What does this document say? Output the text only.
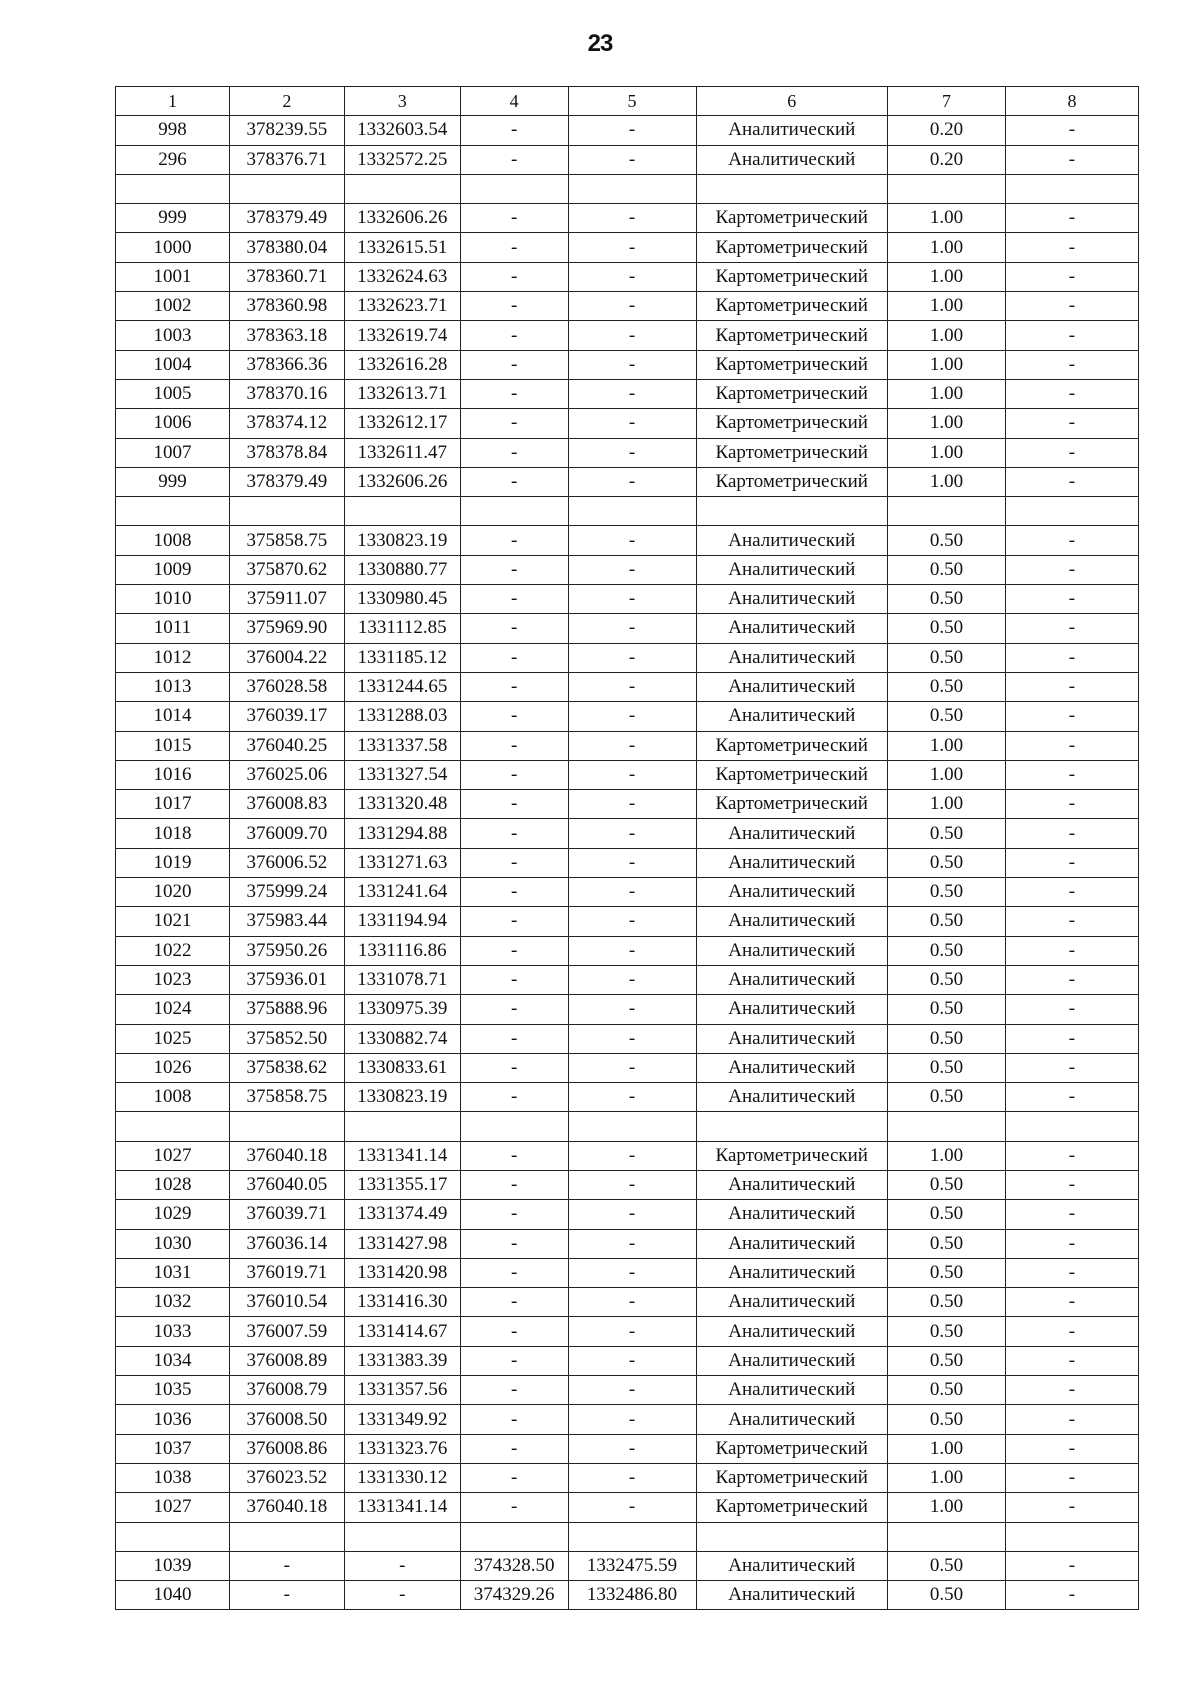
23
1	2	3	4	5	6	7	8
998	378239.55	1332603.54	-	-	Аналитический	0.20	-
296	378376.71	1332572.25	-	-	Аналитический	0.20	-

999	378379.49	1332606.26	-	-	Картометрический	1.00	-
1000	378380.04	1332615.51	-	-	Картометрический	1.00	-
1001	378360.71	1332624.63	-	-	Картометрический	1.00	-
1002	378360.98	1332623.71	-	-	Картометрический	1.00	-
1003	378363.18	1332619.74	-	-	Картометрический	1.00	-
1004	378366.36	1332616.28	-	-	Картометрический	1.00	-
1005	378370.16	1332613.71	-	-	Картометрический	1.00	-
1006	378374.12	1332612.17	-	-	Картометрический	1.00	-
1007	378378.84	1332611.47	-	-	Картометрический	1.00	-
999	378379.49	1332606.26	-	-	Картометрический	1.00	-

1008	375858.75	1330823.19	-	-	Аналитический	0.50	-
1009	375870.62	1330880.77	-	-	Аналитический	0.50	-
1010	375911.07	1330980.45	-	-	Аналитический	0.50	-
1011	375969.90	1331112.85	-	-	Аналитический	0.50	-
1012	376004.22	1331185.12	-	-	Аналитический	0.50	-
1013	376028.58	1331244.65	-	-	Аналитический	0.50	-
1014	376039.17	1331288.03	-	-	Аналитический	0.50	-
1015	376040.25	1331337.58	-	-	Картометрический	1.00	-
1016	376025.06	1331327.54	-	-	Картометрический	1.00	-
1017	376008.83	1331320.48	-	-	Картометрический	1.00	-
1018	376009.70	1331294.88	-	-	Аналитический	0.50	-
1019	376006.52	1331271.63	-	-	Аналитический	0.50	-
1020	375999.24	1331241.64	-	-	Аналитический	0.50	-
1021	375983.44	1331194.94	-	-	Аналитический	0.50	-
1022	375950.26	1331116.86	-	-	Аналитический	0.50	-
1023	375936.01	1331078.71	-	-	Аналитический	0.50	-
1024	375888.96	1330975.39	-	-	Аналитический	0.50	-
1025	375852.50	1330882.74	-	-	Аналитический	0.50	-
1026	375838.62	1330833.61	-	-	Аналитический	0.50	-
1008	375858.75	1330823.19	-	-	Аналитический	0.50	-

1027	376040.18	1331341.14	-	-	Картометрический	1.00	-
1028	376040.05	1331355.17	-	-	Аналитический	0.50	-
1029	376039.71	1331374.49	-	-	Аналитический	0.50	-
1030	376036.14	1331427.98	-	-	Аналитический	0.50	-
1031	376019.71	1331420.98	-	-	Аналитический	0.50	-
1032	376010.54	1331416.30	-	-	Аналитический	0.50	-
1033	376007.59	1331414.67	-	-	Аналитический	0.50	-
1034	376008.89	1331383.39	-	-	Аналитический	0.50	-
1035	376008.79	1331357.56	-	-	Аналитический	0.50	-
1036	376008.50	1331349.92	-	-	Аналитический	0.50	-
1037	376008.86	1331323.76	-	-	Картометрический	1.00	-
1038	376023.52	1331330.12	-	-	Картометрический	1.00	-
1027	376040.18	1331341.14	-	-	Картометрический	1.00	-

1039	-	-	374328.50	1332475.59	Аналитический	0.50	-
1040	-	-	374329.26	1332486.80	Аналитический	0.50	-
